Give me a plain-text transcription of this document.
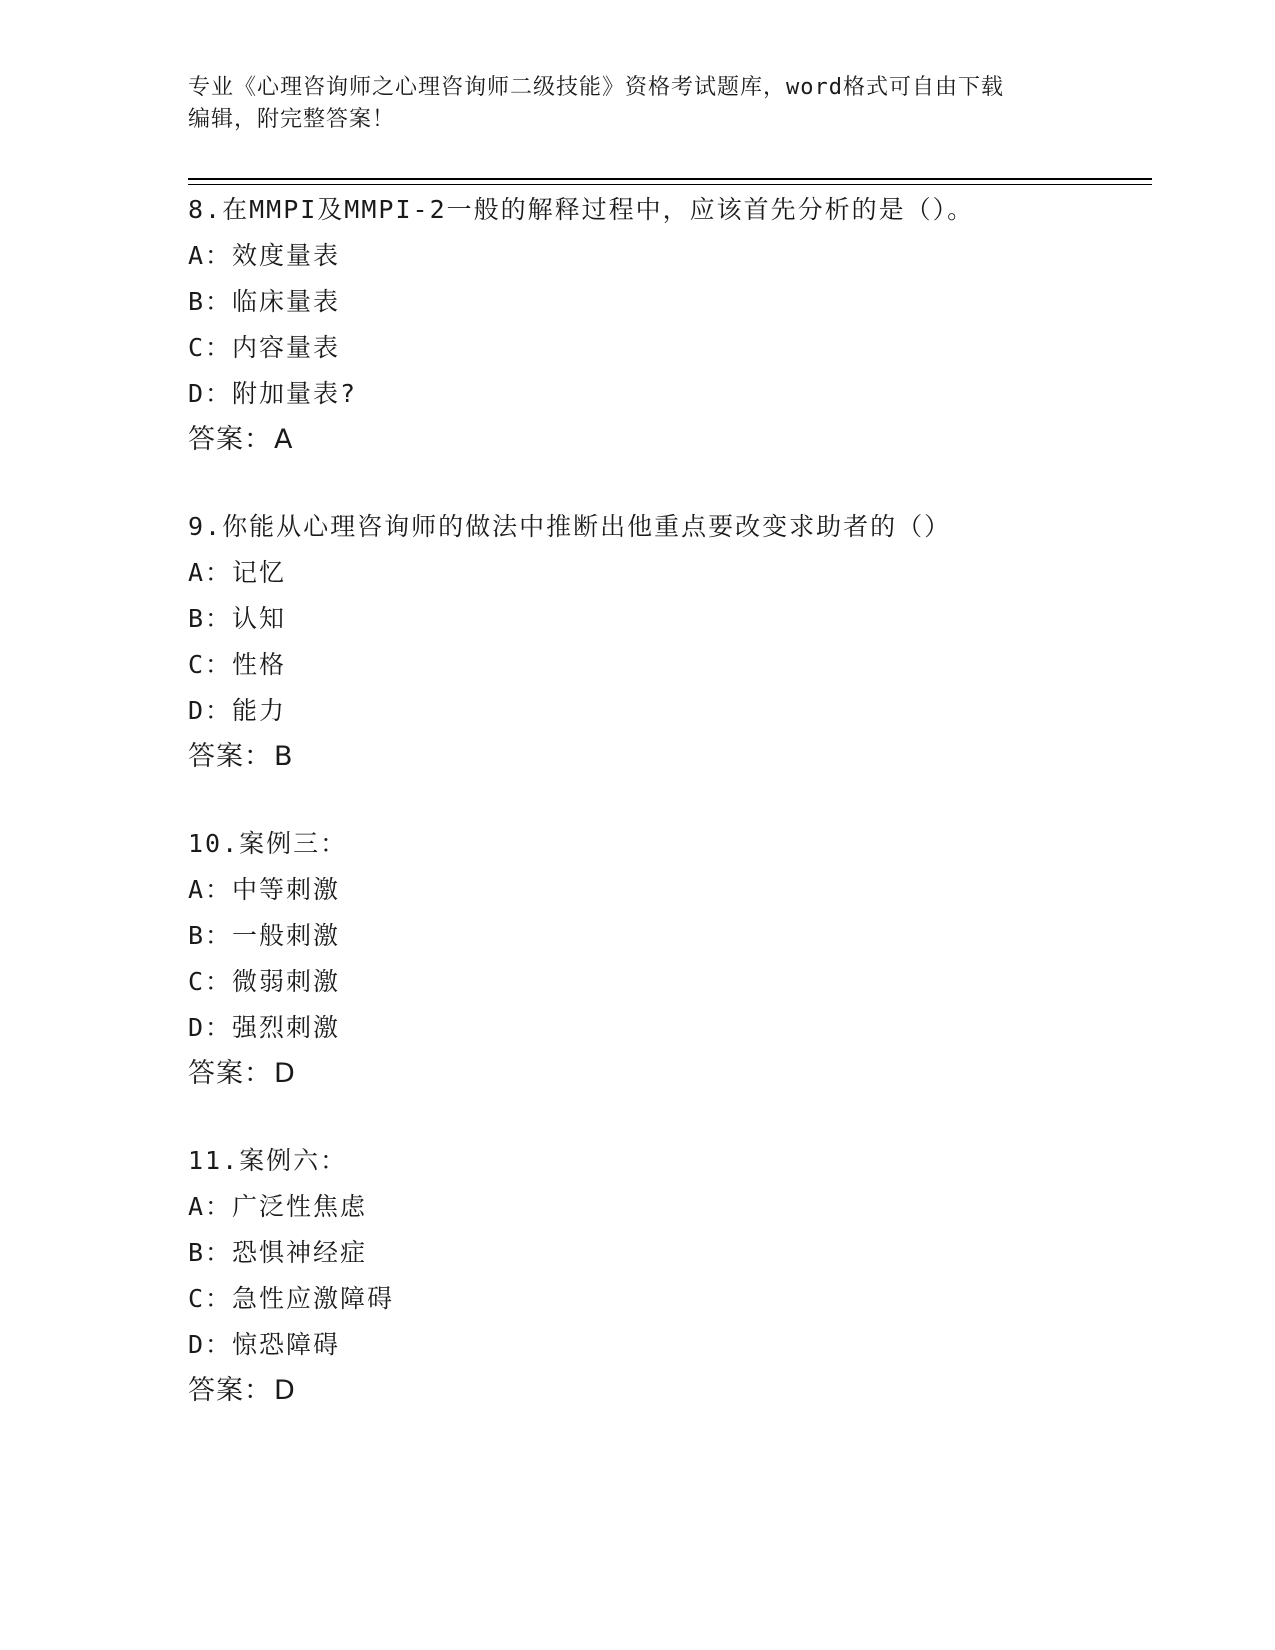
专业《心理咨询师之心理咨询师二级技能》资格考试题库，word格式可自由下载
编辑，附完整答案！
8.在MMPI及MMPI-2一般的解释过程中，应该首先分析的是（）。
A：效度量表
B：临床量表
C：内容量表
D：附加量表?
答案：A
9.你能从心理咨询师的做法中推断出他重点要改变求助者的（）
A：记忆
B：认知
C：性格
D：能力
答案：B
10.案例三：
A：中等刺激
B：一般刺激
C：微弱刺激
D：强烈刺激
答案：D
11.案例六：
A：广泛性焦虑
B：恐惧神经症
C：急性应激障碍
D：惊恐障碍
答案：D
